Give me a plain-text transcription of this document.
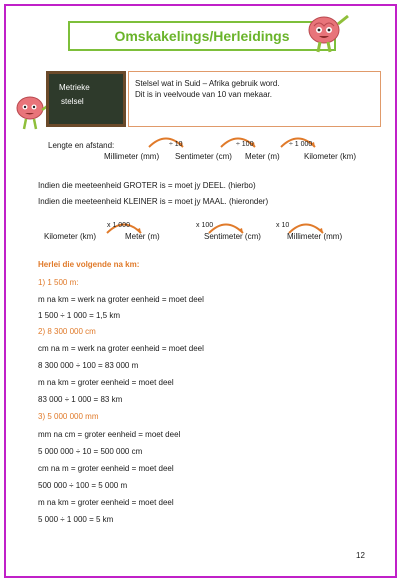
Omskakelings/Herleidings
Metrieke
stelsel
Stelsel wat in Suid – Afrika gebruik word.
Dit is in veelvoude van 10 van mekaar.
Lengte en afstand:	÷ 10	÷ 100	÷ 1 000
Millimeter (mm) Sentimeter (cm) Meter (m)	Kilometer (km)
Indien die meeteenheid GROTER is = moet jy DEEL. (hierbo)
Indien die meeteenheid KLEINER is = moet jy MAAL. (hieronder)
x 1 000	x 100	x 10
Kilometer (km)	Meter (m)	Sentimeter (cm)	Millimeter (mm)
Herlei die volgende na km:
1) 1 500 m:
m na km = werk na groter eenheid = moet deel
1 500 ÷ 1 000 = 1,5 km
2) 8 300 000 cm
cm na m = werk na groter eenheid = moet deel
8 300 000 ÷ 100 = 83 000 m
m na km = groter eenheid = moet deel
83 000 ÷ 1 000 = 83 km
3) 5 000 000 mm
mm na cm = groter eenheid = moet deel
5 000 000 ÷ 10 = 500 000 cm
cm na m = groter eenheid = moet deel
500 000 ÷ 100 = 5 000 m
m na km = groter eenheid = moet deel
5 000 ÷ 1 000 = 5 km
12
